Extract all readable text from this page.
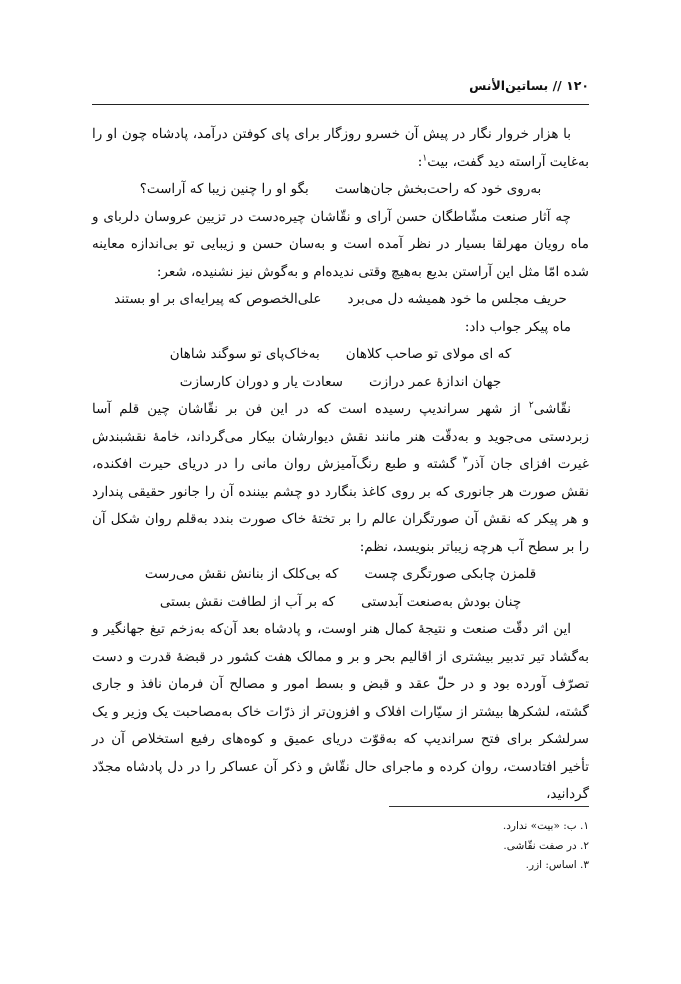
۱۲۰ // بساتین‌الأنس

با هزار خروار نگار در پیش آن خسرو روزگار برای پای کوفتن درآمد، پادشاه چون او را به‌غایت آراسته دید گفت، بیت$^۱$:

به‌روی خود که راحت‌بخش جان‌هاست
بگو او را چنین زیبا که آراست؟

چه آثار صنعت مشّاطگان حسن آرای و نقّاشان چیره‌دست در تزیین عروسان دلربای و ماه رویان مهرلقا بسیار در نظر آمده است و به‌سان حسن و زیبایی تو بی‌اندازه معاینه شده امّا مثل این آراستن بدیع به‌هیچ وقتی ندیده‌ام و به‌گوش نیز نشنیده، شعر:

حریف مجلس ما خود همیشه دل می‌برد
علی‌الخصوص که پیرایه‌ای بر او بستند

ماه پیکر جواب داد:

که ای مولای تو صاحب کلاهان
به‌خاک‌پای تو سوگند شاهان
جهان اندازهٔ عمر درازت
سعادت یار و دوران کارسازت

نقّاشی$^۲$ از شهر سراندیپ رسیده است که در این فن بر نقّاشان چین قلم آسا زبردستی می‌جوید و به‌دقّت هنر مانند نقش دیوارشان بیکار می‌گرداند، خامهٔ نقشبندش غیرت افزای جان آذر$^۳$ گشته و طبع رنگ‌آمیزش روان مانی را در دریای حیرت افکنده، نقش صورت هر جانوری که بر روی کاغذ بنگارد دو چشم بیننده آن را جانور حقیقی پندارد و هر پیکر که نقش آن صورتگران عالم را بر تختهٔ خاک صورت بندد به‌قلم روان شکل آن را بر سطح آب هرچه زیباتر بنویسد، نظم:

قلمزن چابکی صورتگری چست
که بی‌کلک از بنانش نقش می‌رست
چنان بودش به‌صنعت آبدستی
که بر آب از لطافت نقش بستی

این اثر دقّت صنعت و نتیجهٔ کمال هنر اوست، و پادشاه بعد آن‌که به‌زخم تیغ جهانگیر و به‌گشاد تیر تدبیر بیشتری از اقالیم بحر و بر و ممالک هفت کشور در قبضهٔ قدرت و دست تصرّف آورده بود و در حلّ عقد و قبض و بسط امور و مصالح آن فرمان نافذ و جاری گشته، لشکرها بیشتر از سیّارات افلاک و افزون‌تر از ذرّات خاک به‌مصاحبت یک وزیر و یک سرلشکر برای فتح سراندیپ که به‌قوّت دریای عمیق و کوه‌های رفیع استخلاص آن در تأخیر افتادست، روان کرده و ماجرای حال نقّاش و ذکر آن عساکر را در دل پادشاه مجدّد گردانید،

۱. ب: «بیت» ندارد.

۲. در صفت نقّاشی.

۳. اساس: ازر.
